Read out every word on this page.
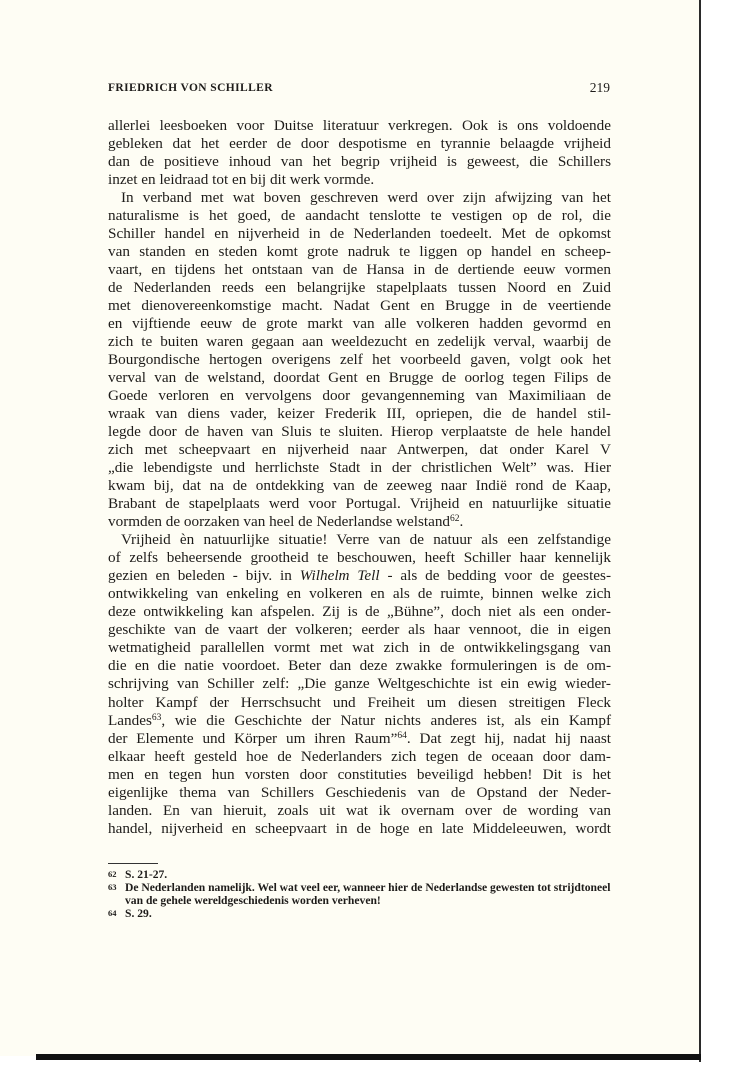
FRIEDRICH VON SCHILLER	219
allerlei leesboeken voor Duitse literatuur verkregen. Ook is ons voldoende
gebleken dat het eerder de door despotisme en tyrannie belaagde vrijheid
dan de positieve inhoud van het begrip vrijheid is geweest, die Schillers
inzet en leidraad tot en bij dit werk vormde.
In verband met wat boven geschreven werd over zijn afwijzing van het
naturalisme is het goed, de aandacht tenslotte te vestigen op de rol, die
Schiller handel en nijverheid in de Nederlanden toedeelt. Met de opkomst
van standen en steden komt grote nadruk te liggen op handel en scheep-
vaart, en tijdens het ontstaan van de Hansa in de dertiende eeuw vormen
de Nederlanden reeds een belangrijke stapelplaats tussen Noord en Zuid
met dienovereenkomstige macht. Nadat Gent en Brugge in de veertiende
en vijftiende eeuw de grote markt van alle volkeren hadden gevormd en
zich te buiten waren gegaan aan weeldezucht en zedelijk verval, waarbij de
Bourgondische hertogen overigens zelf het voorbeeld gaven, volgt ook het
verval van de welstand, doordat Gent en Brugge de oorlog tegen Filips de
Goede verloren en vervolgens door gevangenneming van Maximiliaan de
wraak van diens vader, keizer Frederik III, opriepen, die de handel stil-
legde door de haven van Sluis te sluiten. Hierop verplaatste de hele handel
zich met scheepvaart en nijverheid naar Antwerpen, dat onder Karel V
„die lebendigste und herrlichste Stadt in der christlichen Welt” was. Hier
kwam bij, dat na de ontdekking van de zeeweg naar Indië rond de Kaap,
Brabant de stapelplaats werd voor Portugal. Vrijheid en natuurlijke situatie
vormden de oorzaken van heel de Nederlandse welstand$^{62}$.
Vrijheid èn natuurlijke situatie! Verre van de natuur als een zelfstandige
of zelfs beheersende grootheid te beschouwen, heeft Schiller haar kennelijk
gezien en beleden - bijv. in Wilhelm Tell - als de bedding voor de geestes-
ontwikkeling van enkeling en volkeren en als de ruimte, binnen welke zich
deze ontwikkeling kan afspelen. Zij is de „Bühne”, doch niet als een onder-
geschikte van de vaart der volkeren; eerder als haar vennoot, die in eigen
wetmatigheid parallellen vormt met wat zich in de ontwikkelingsgang van
die en die natie voordoet. Beter dan deze zwakke formuleringen is de om-
schrijving van Schiller zelf: „Die ganze Weltgeschichte ist ein ewig wieder-
holter Kampf der Herrschsucht und Freiheit um diesen streitigen Fleck
Landes$^{63}$, wie die Geschichte der Natur nichts anderes ist, als ein Kampf
der Elemente und Körper um ihren Raum”$^{64}$. Dat zegt hij, nadat hij naast
elkaar heeft gesteld hoe de Nederlanders zich tegen de oceaan door dam-
men en tegen hun vorsten door constituties beveiligd hebben! Dit is het
eigenlijke thema van Schillers Geschiedenis van de Opstand der Neder-
landen. En van hieruit, zoals uit wat ik overnam over de wording van
handel, nijverheid en scheepvaart in de hoge en late Middeleeuwen, wordt
62 S. 21-27.
63 De Nederlanden namelijk. Wel wat veel eer, wanneer hier de Nederlandse gewesten tot strijdtoneel van de gehele wereldgeschiedenis worden verheven!
64 S. 29.
